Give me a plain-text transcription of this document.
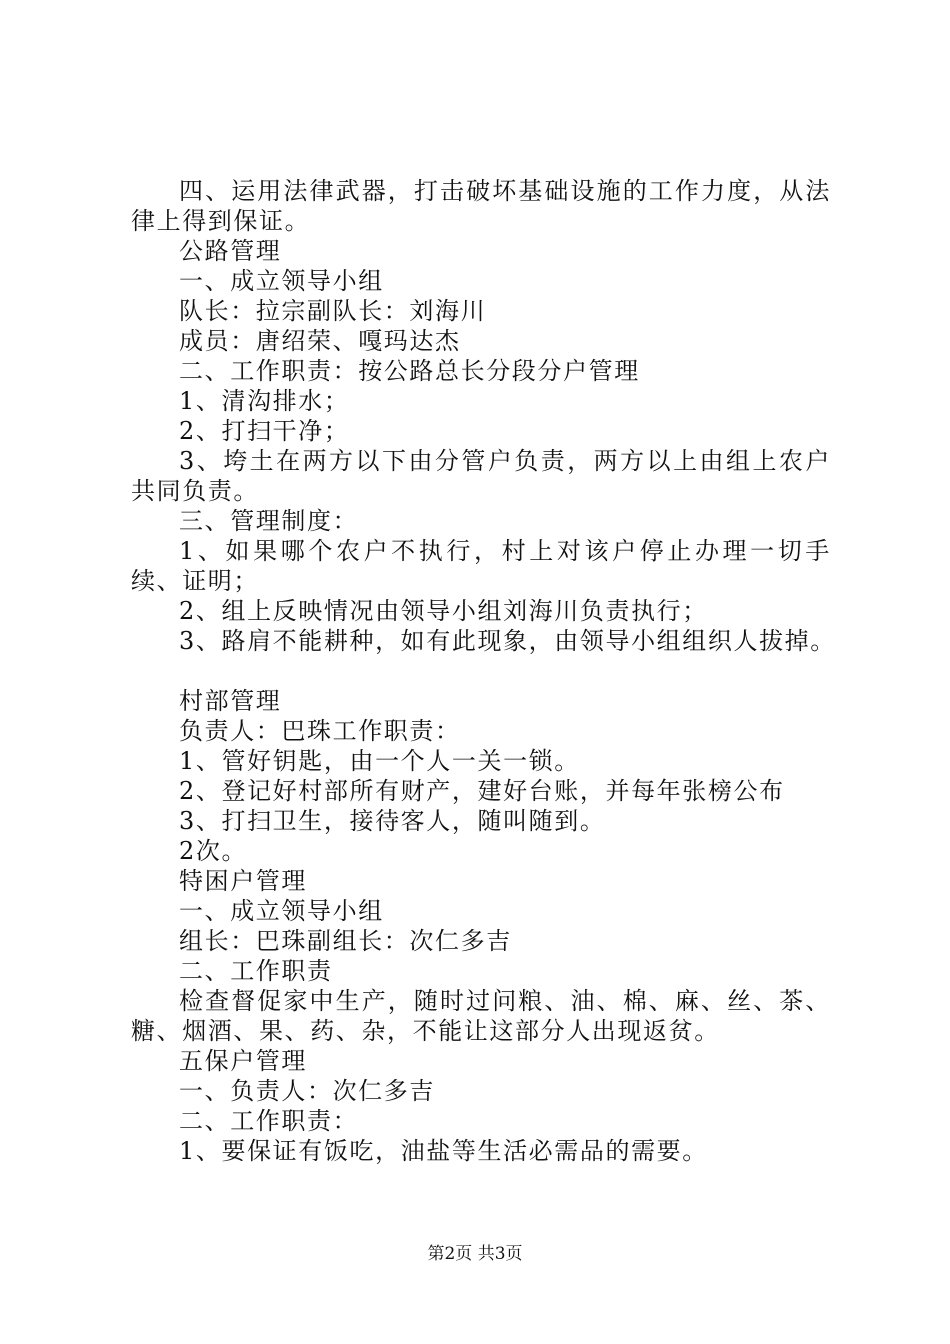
四、运用法律武器，打击破坏基础设施的工作力度，从法律上得到保证。
公路管理
一、成立领导小组
队长：拉宗副队长：刘海川
成员：唐绍荣、嘎玛达杰
二、工作职责：按公路总长分段分户管理
1、清沟排水；
2、打扫干净；
3、垮土在两方以下由分管户负责，两方以上由组上农户共同负责。
三、管理制度：
1、如果哪个农户不执行，村上对该户停止办理一切手续、证明；
2、组上反映情况由领导小组刘海川负责执行；
3、路肩不能耕种，如有此现象，由领导小组组织人拔掉。
村部管理
负责人：巴珠工作职责：
1、管好钥匙，由一个人一关一锁。
2、登记好村部所有财产，建好台账，并每年张榜公布
3、打扫卫生，接待客人，随叫随到。
2次。
特困户管理
一、成立领导小组
组长：巴珠副组长：次仁多吉
二、工作职责
检查督促家中生产，随时过问粮、油、棉、麻、丝、茶、糖、烟酒、果、药、杂，不能让这部分人出现返贫。
五保户管理
一、负责人：次仁多吉
二、工作职责：
1、要保证有饭吃，油盐等生活必需品的需要。
第2页 共3页
